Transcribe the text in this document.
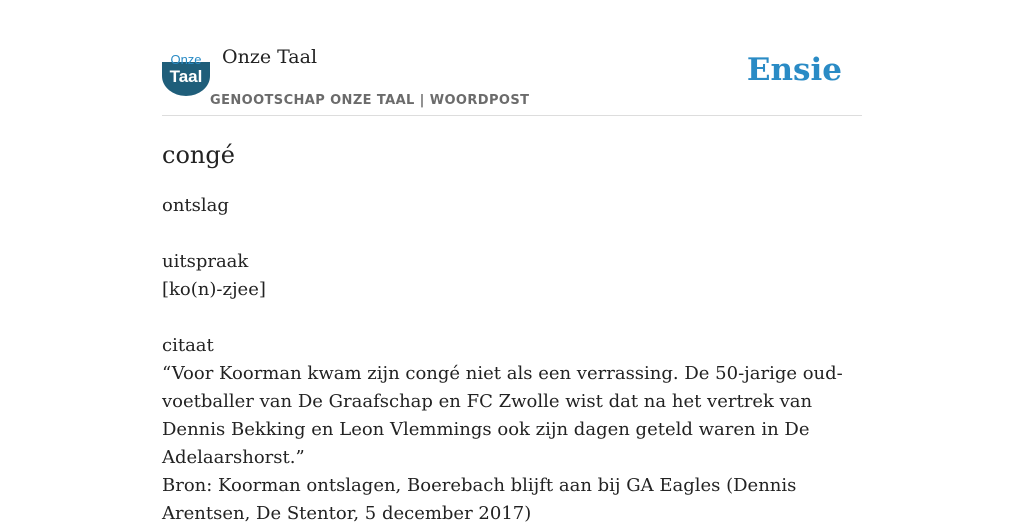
Onze
Taal
Onze Taal
GENOOTSCHAP ONZE TAAL | WOORDPOST
Ensie
congé

ontslag

uitspraak

[ko(n)-zjee]

citaat

“Voor Koorman kwam zijn congé niet als een verrassing. De 50-jarige oud-voetballer van De Graafschap en FC Zwolle wist dat na het vertrek van Dennis Bekking en Leon Vlemmings ook zijn dagen geteld waren in De Adelaarshorst.”

Bron: Koorman ontslagen, Boerebach blijft aan bij GA Eagles (Dennis Arentsen, De Stentor, 5 december 2017)
